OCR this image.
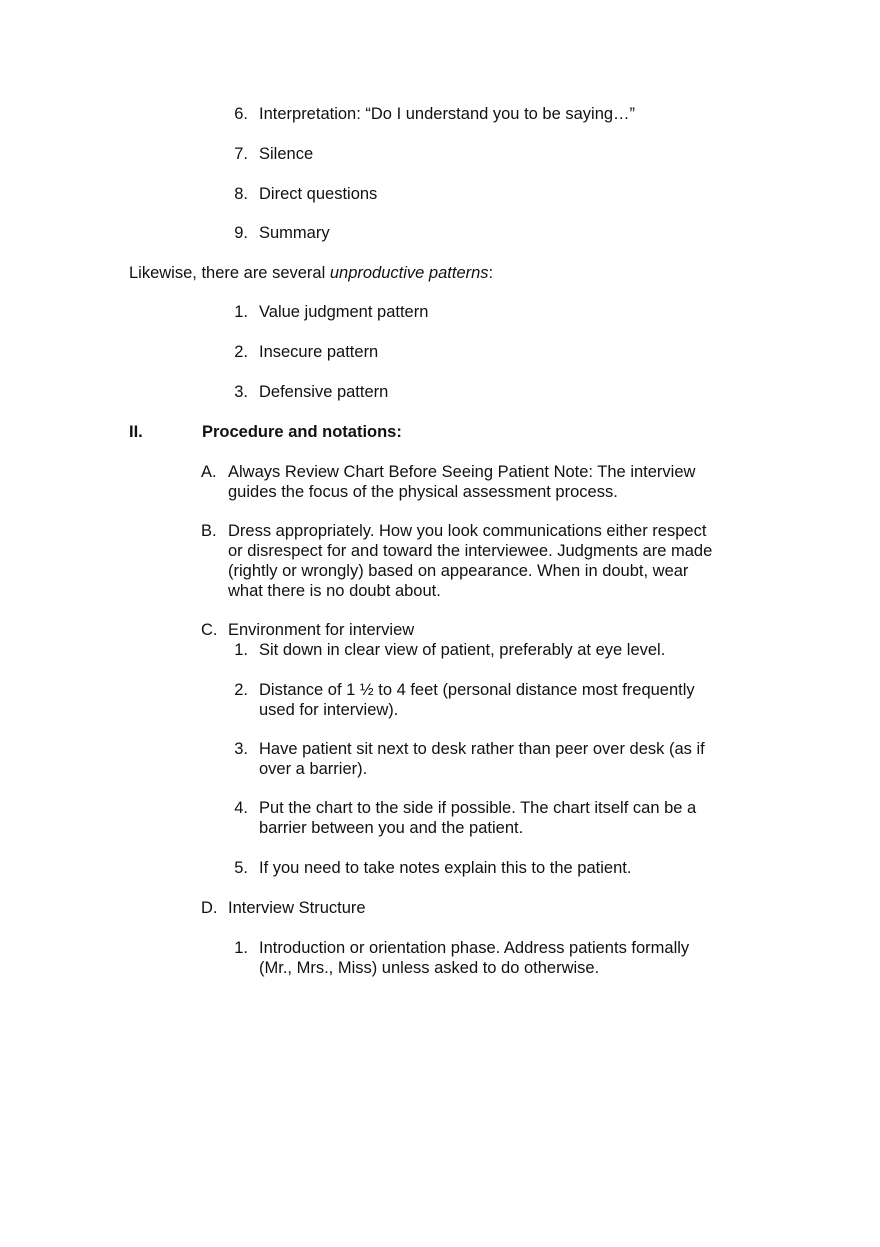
6. Interpretation: “Do I understand you to be saying…”
7. Silence
8. Direct questions
9. Summary
Likewise, there are several unproductive patterns:
1. Value judgment pattern
2. Insecure pattern
3. Defensive pattern
II.	Procedure and notations:
A. Always Review Chart Before Seeing Patient Note: The interview
guides the focus of the physical assessment process.
B. Dress appropriately. How you look communications either respect
or disrespect for and toward the interviewee. Judgments are made
(rightly or wrongly) based on appearance. When in doubt, wear
what there is no doubt about.
C. Environment for interview
1. Sit down in clear view of patient, preferably at eye level.
2. Distance of 1 ½ to 4 feet (personal distance most frequently
used for interview).
3. Have patient sit next to desk rather than peer over desk (as if
over a barrier).
4. Put the chart to the side if possible. The chart itself can be a
barrier between you and the patient.
5. If you need to take notes explain this to the patient.
D. Interview Structure
1. Introduction or orientation phase. Address patients formally
(Mr., Mrs., Miss) unless asked to do otherwise.
